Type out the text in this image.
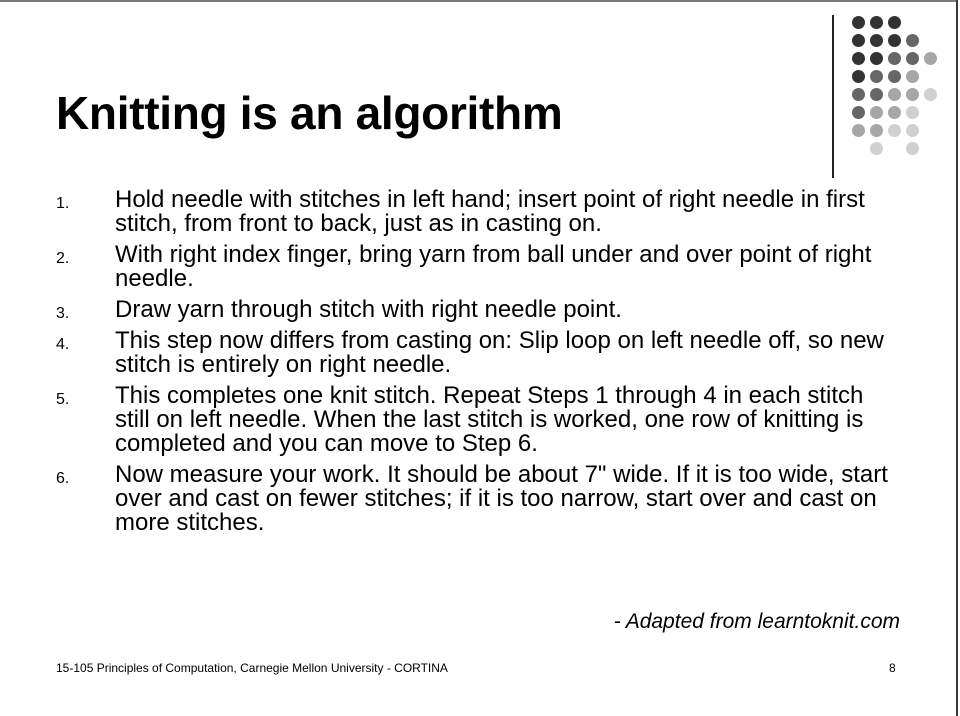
Knitting is an algorithm
1. Hold needle with stitches in left hand; insert point of right needle in first stitch, from front to back, just as in casting on.
2. With right index finger, bring yarn from ball under and over point of right needle.
3. Draw yarn through stitch with right needle point.
4. This step now differs from casting on: Slip loop on left needle off, so new stitch is entirely on right needle.
5. This completes one knit stitch. Repeat Steps 1 through 4 in each stitch still on left needle. When the last stitch is worked, one row of knitting is completed and you can move to Step 6.
6. Now measure your work. It should be about 7" wide. If it is too wide, start over and cast on fewer stitches; if it is too narrow, start over and cast on more stitches.
- Adapted from learntoknit.com
15-105 Principles of Computation, Carnegie Mellon University - CORTINA	8
